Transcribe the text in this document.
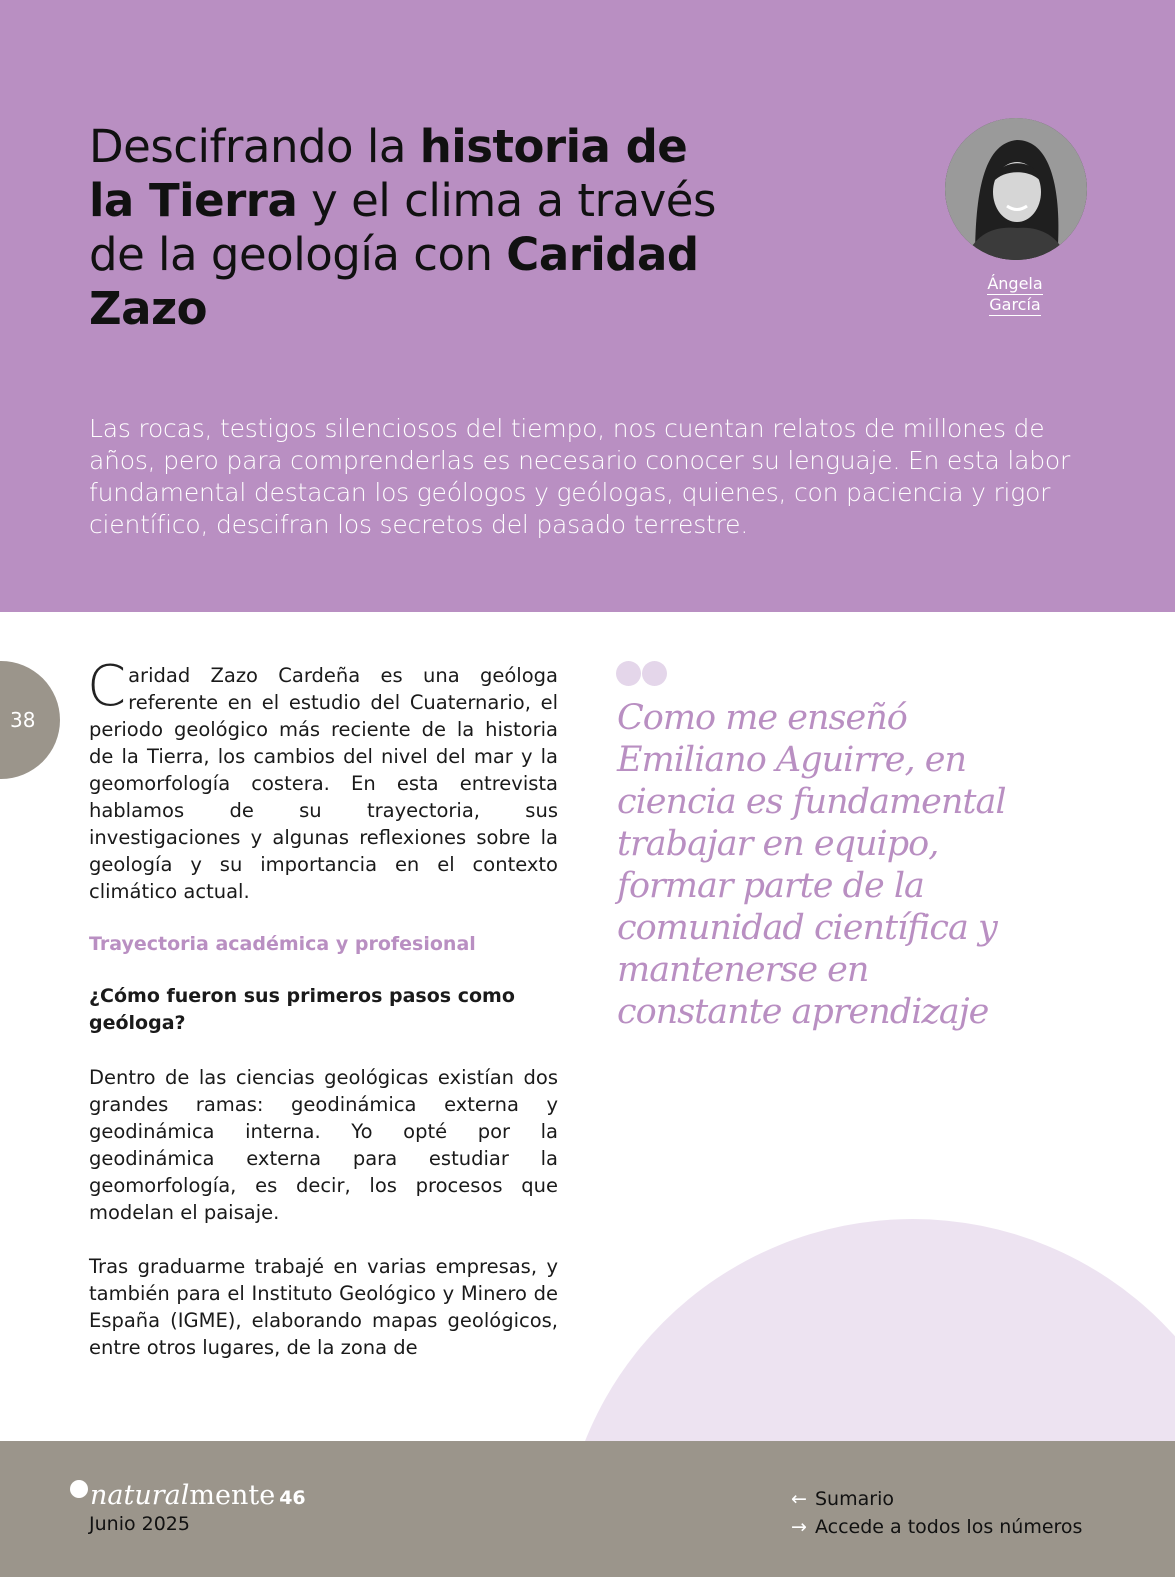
Descifrando la historia de la Tierra y el clima a través de la geología con Caridad Zazo	Ángela
García

Las rocas, testigos silenciosos del tiempo, nos cuentan relatos de millones de años, pero para comprenderlas es necesario conocer su lenguaje. En esta labor fundamental destacan los geólogos y geólogas, quienes, con paciencia y rigor científico, descifran los secretos del pasado terrestre.

38

Caridad Zazo Cardeña es una geóloga referente en el estudio del Cuaternario, el periodo geológico más reciente de la historia de la Tierra, los cambios del nivel del mar y la geomorfología costera. En esta entrevista hablamos de su trayectoria, sus investigaciones y algunas reflexiones sobre la geología y su importancia en el contexto climático actual.

Trayectoria académica y profesional

¿Cómo fueron sus primeros pasos como geóloga?

Dentro de las ciencias geológicas existían dos grandes ramas: geodinámica externa y geodinámica interna. Yo opté por la geodinámica externa para estudiar la geomorfología, es decir, los procesos que modelan el paisaje.

Tras graduarme trabajé en varias empresas, y también para el Instituto Geológico y Minero de España (IGME), elaborando mapas geológicos, entre otros lugares, de la zona de

Como me enseñó Emiliano Aguirre, en ciencia es fundamental trabajar en equipo, formar parte de la comunidad científica y mantenerse en constante aprendizaje
naturalmente 46
Junio 2025
← Sumario
→ Accede a todos los números
